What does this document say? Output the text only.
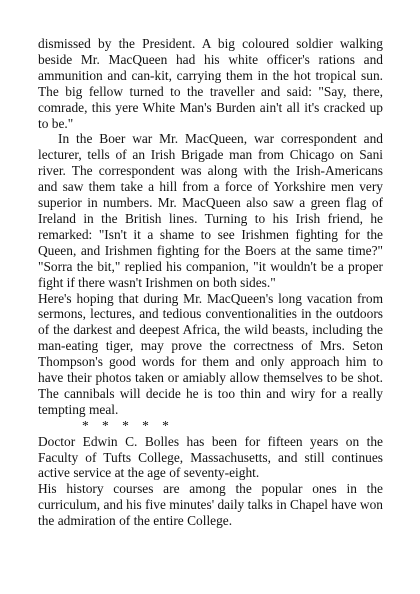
dismissed by the President. A big coloured soldier walking beside Mr. MacQueen had his white officer's rations and ammunition and can-kit, carrying them in the hot tropical sun. The big fellow turned to the traveller and said: "Say, there, comrade, this yere White Man's Burden ain't all it's cracked up to be."

In the Boer war Mr. MacQueen, war correspondent and lecturer, tells of an Irish Brigade man from Chicago on Sani river. The correspondent was along with the Irish-Americans and saw them take a hill from a force of Yorkshire men very superior in numbers. Mr. MacQueen also saw a green flag of Ireland in the British lines. Turning to his Irish friend, he remarked: "Isn't it a shame to see Irishmen fighting for the Queen, and Irishmen fighting for the Boers at the same time?" "Sorra the bit," replied his companion, "it wouldn't be a proper fight if there wasn't Irishmen on both sides."

Here's hoping that during Mr. MacQueen's long vacation from sermons, lectures, and tedious conventionalities in the outdoors of the darkest and deepest Africa, the wild beasts, including the man-eating tiger, may prove the correctness of Mrs. Seton Thompson's good words for them and only approach him to have their photos taken or amiably allow themselves to be shot. The cannibals will decide he is too thin and wiry for a really tempting meal.

* * * * *

Doctor Edwin C. Bolles has been for fifteen years on the Faculty of Tufts College, Massachusetts, and still continues active service at the age of seventy-eight.

His history courses are among the popular ones in the curriculum, and his five minutes' daily talks in Chapel have won the admiration of the entire College.
